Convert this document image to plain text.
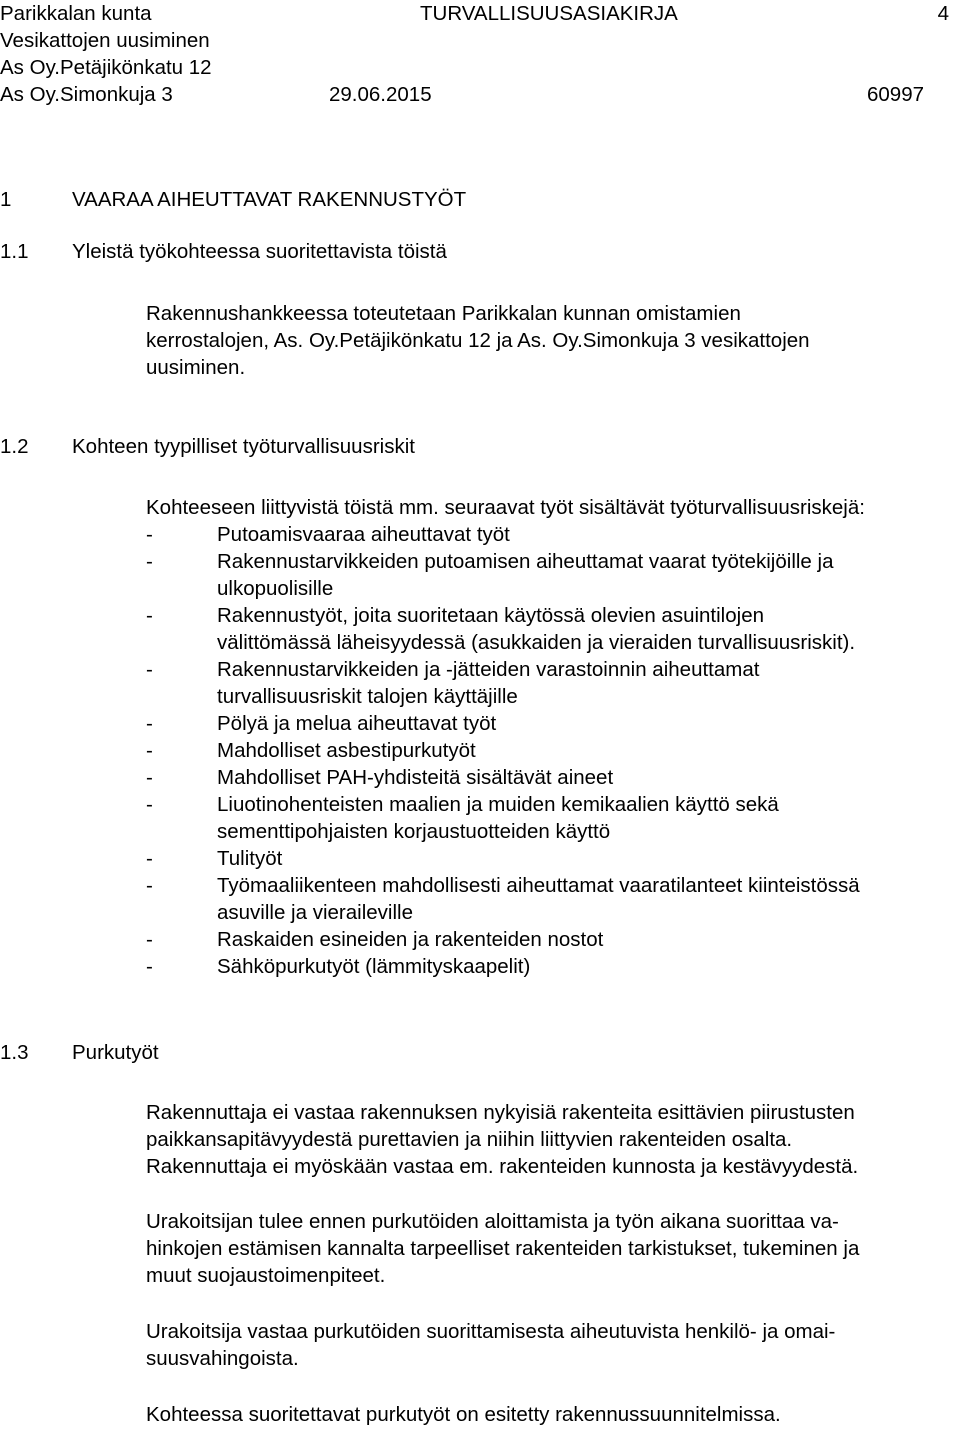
Parikkalan kunta	TURVALLISUUSASIAKIRJA	4
Vesikattojen uusiminen
As Oy.Petäjikönkatu 12
As Oy.Simonkuja 3	29.06.2015	60997
1	VAARAA AIHEUTTAVAT RAKENNUSTYÖT
1.1 Yleistä työkohteessa suoritettavista töistä

Rakennushankkeessa toteutetaan Parikkalan kunnan omistamien

kerrostalojen, As. Oy.Petäjikönkatu 12 ja As. Oy.Simonkuja 3 vesikattojen

uusiminen.

1.2 Kohteen tyypilliset työturvallisuusriskit

Kohteeseen liittyvistä töistä mm. seuraavat työt sisältävät työturvallisuusriskejä:

-	Putoamisvaaraa aiheuttavat työt
-	Rakennustarvikkeiden putoamisen aiheuttamat vaarat työtekijöille ja
ulkopuolisille
-	Rakennustyöt, joita suoritetaan käytössä olevien asuintilojen
välittömässä läheisyydessä (asukkaiden ja vieraiden turvallisuusriskit).
-	Rakennustarvikkeiden ja -jätteiden varastoinnin aiheuttamat
turvallisuusriskit talojen käyttäjille
-	Pölyä ja melua aiheuttavat työt
-	Mahdolliset asbestipurkutyöt
-	Mahdolliset PAH-yhdisteitä sisältävät aineet
-	Liuotinohenteisten maalien ja muiden kemikaalien käyttö sekä
sementtipohjaisten korjaustuotteiden käyttö
-	Tulityöt
-	Työmaaliikenteen mahdollisesti aiheuttamat vaaratilanteet kiinteistössä
asuville ja vieraileville
-	Raskaiden esineiden ja rakenteiden nostot
-	Sähköpurkutyöt (lämmityskaapelit)
1.3 Purkutyöt

Rakennuttaja ei vastaa rakennuksen nykyisiä rakenteita esittävien piirustusten

paikkansapitävyydestä purettavien ja niihin liittyvien rakenteiden osalta.

Rakennuttaja ei myöskään vastaa em. rakenteiden kunnosta ja kestävyydestä.

Urakoitsijan tulee ennen purkutöiden aloittamista ja työn aikana suorittaa va-

hinkojen estämisen kannalta tarpeelliset rakenteiden tarkistukset, tukeminen ja

muut suojaustoimenpiteet.

Urakoitsija vastaa purkutöiden suorittamisesta aiheutuvista henkilö- ja omai-

suusvahingoista.

Kohteessa suoritettavat purkutyöt on esitetty rakennussuunnitelmissa.
